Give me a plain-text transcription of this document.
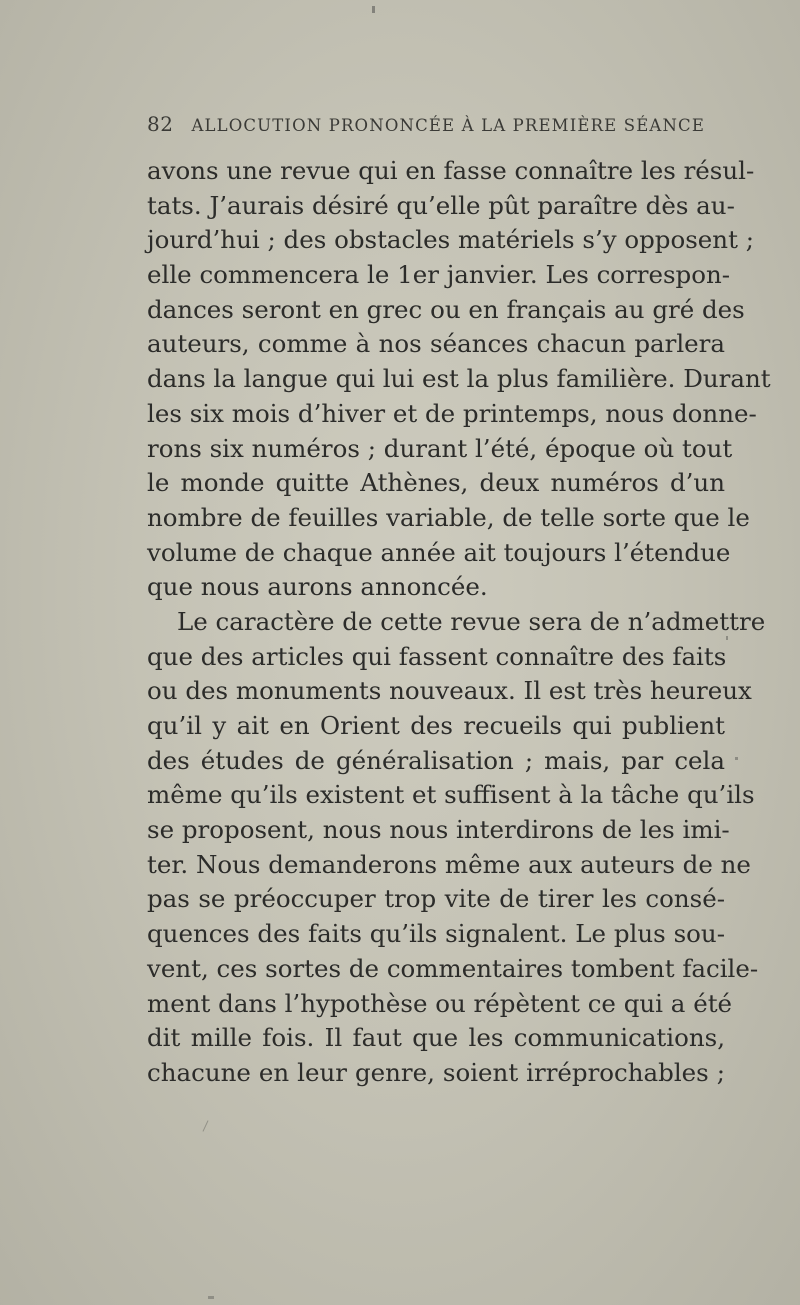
82 ALLOCUTION PRONONCÉE À LA PREMIÈRE SÉANCE
avons une revue qui en fasse connaître les résul-
tats. J’aurais désiré qu’elle pût paraître dès au-
jourd’hui ; des obstacles matériels s’y opposent ;
elle commencera le 1er janvier. Les correspon-
dances seront en grec ou en français au gré des
auteurs, comme à nos séances chacun parlera
dans la langue qui lui est la plus familière. Durant
les six mois d’hiver et de printemps, nous donne-
rons six numéros ; durant l’été, époque où tout
le monde quitte Athènes, deux numéros d’un
nombre de feuilles variable, de telle sorte que le
volume de chaque année ait toujours l’étendue
que nous aurons annoncée.
Le caractère de cette revue sera de n’admettre
que des articles qui fassent connaître des faits
ou des monuments nouveaux. Il est très heureux
qu’il y ait en Orient des recueils qui publient
des études de généralisation ; mais, par cela
même qu’ils existent et suffisent à la tâche qu’ils
se proposent, nous nous interdirons de les imi-
ter. Nous demanderons même aux auteurs de ne
pas se préoccuper trop vite de tirer les consé-
quences des faits qu’ils signalent. Le plus sou-
vent, ces sortes de commentaires tombent facile-
ment dans l’hypothèse ou répètent ce qui a été
dit mille fois. Il faut que les communications,
chacune en leur genre, soient irréprochables ;
